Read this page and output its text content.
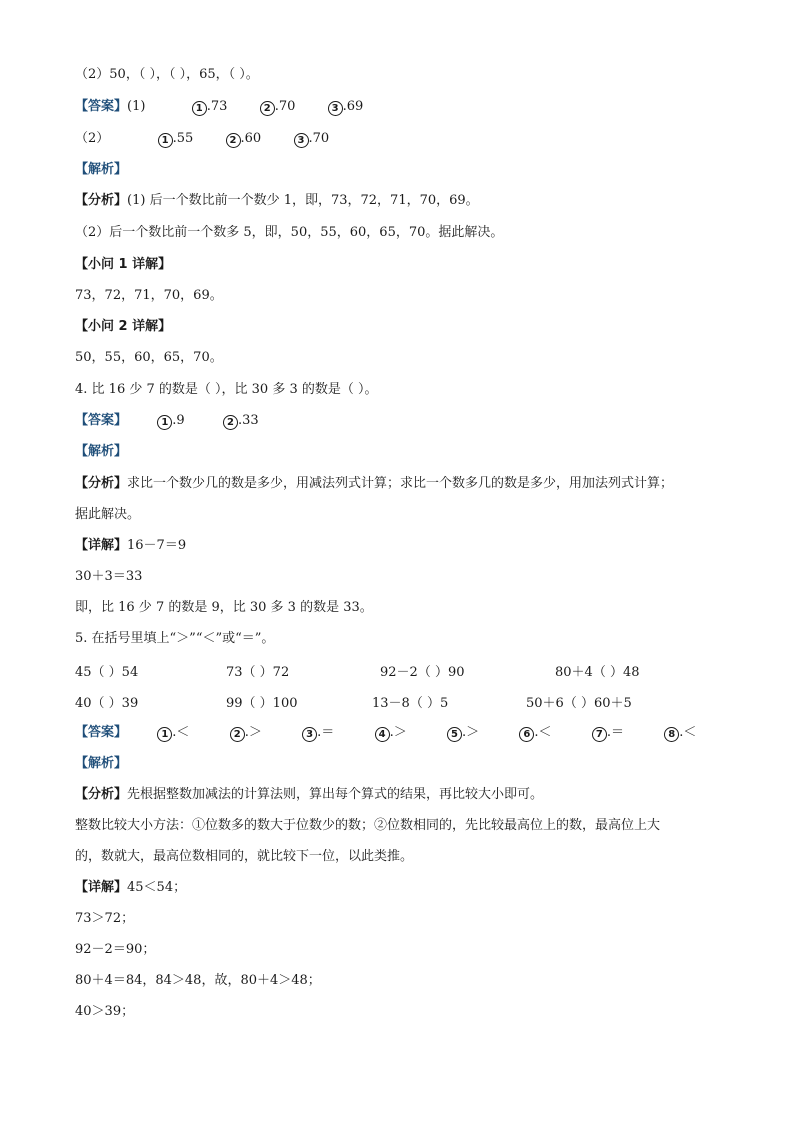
（2）50，（ ），（ ），65，（ ）。
【答案】(1)	1 .73	2 .70	3 .69
（2）	1 .55	2 .60	3 .70
【解析】
【分析】(1) 后一个数比前一个数少 1，即，73，72，71，70，69。
（2）后一个数比前一个数多 5，即，50，55，60，65，70。据此解决。
【小问 1 详解】
73，72，71，70，69。
【小问 2 详解】
50，55，60，65，70。
4. 比 16 少 7 的数是（ ），比 30 多 3 的数是（ ）。
【答案】	1 .9	2 .33
【解析】
【分析】求比一个数少几的数是多少，用减法列式计算；求比一个数多几的数是多少，用加法列式计算；
据此解决。
【详解】16－7＝9
30＋3＝33
即，比 16 少 7 的数是 9，比 30 多 3 的数是 33。
5. 在括号里填上“＞”“＜”或“＝”。
45（ ）54	73（ ）72	92－2（ ）90	80＋4（ ）48
40（ ）39	99（ ）100	13－8（ ）5	50＋6（ ）60＋5
【答案】	1 .＜	2 .＞	3 .＝	4 .＞	5 .＞	6 .＜	7 .＝	8 .＜
【解析】
【分析】先根据整数加减法的计算法则，算出每个算式的结果，再比较大小即可。
整数比较大小方法：①位数多的数大于位数少的数；②位数相同的，先比较最高位上的数，最高位上大
的，数就大，最高位数相同的，就比较下一位，以此类推。
【详解】45＜54；
73＞72；
92－2＝90；
80＋4＝84，84＞48，故，80＋4＞48；
40＞39；
